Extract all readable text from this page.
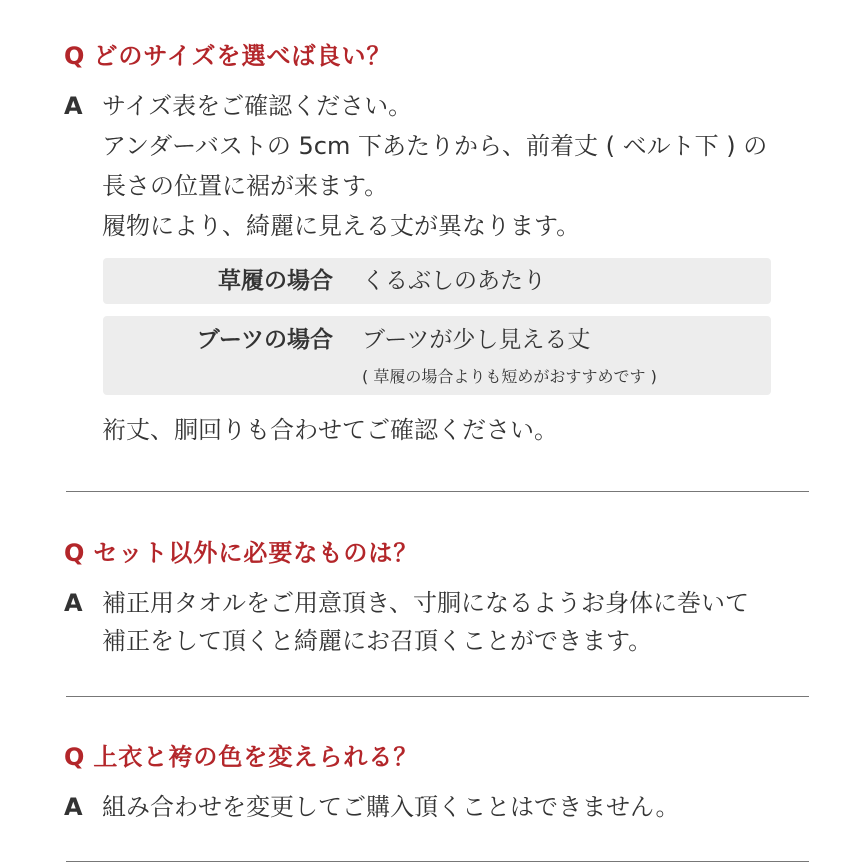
Q どのサイズを選べば良い？
A サイズ表をご確認ください。
アンダーバストの 5cm 下あたりから、前着丈 ( ベルト下 ) の
長さの位置に裾が来ます。
履物により、綺麗に見える丈が異なります。
草履の場合 くるぶしのあたり
ブーツの場合 ブーツが少し見える丈
( 草履の場合よりも短めがおすすめです )
裄丈、胴回りも合わせてご確認ください。
Q セット以外に必要なものは？
A 補正用タオルをご用意頂き、寸胴になるようお身体に巻いて
補正をして頂くと綺麗にお召頂くことができます。
Q 上衣と袴の色を変えられる？
A 組み合わせを変更してご購入頂くことはできません。
